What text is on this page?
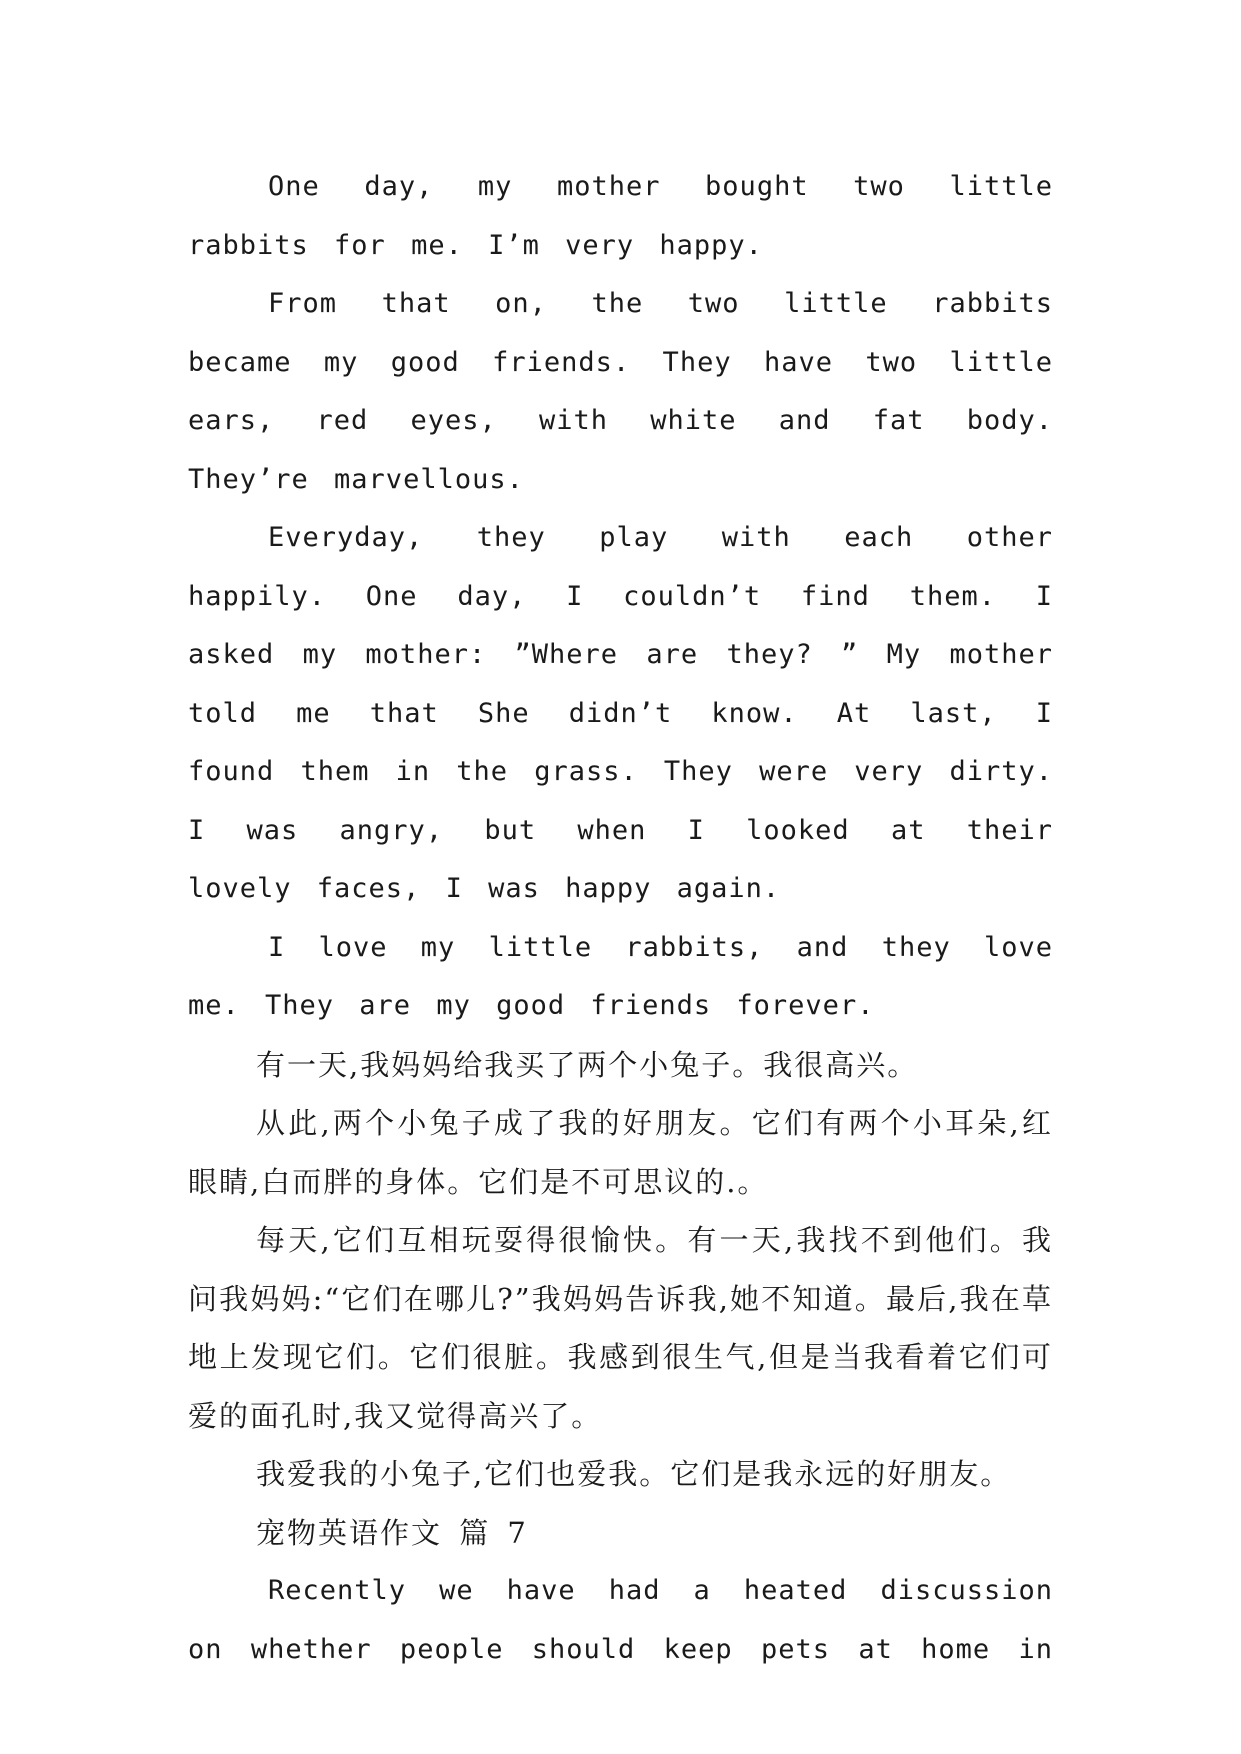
One day, my mother bought two little rabbits for me. I’m very happy.

From that on, the two little rabbits became my good friends. They have two little ears, red eyes, with white and fat body. They’re marvellous.

Everyday, they play with each other happily. One day, I couldn’t find them. I asked my mother: ”Where are they? ” My mother told me that She didn’t know. At last, I found them in the grass. They were very dirty. I was angry, but when I looked at their lovely faces, I was happy again.

I love my little rabbits, and they love me. They are my good friends forever.

有一天,我妈妈给我买了两个小兔子。我很高兴。

从此,两个小兔子成了我的好朋友。它们有两个小耳朵,红眼睛,白而胖的身体。它们是不可思议的.。

每天,它们互相玩耍得很愉快。有一天,我找不到他们。我问我妈妈:“它们在哪儿?”我妈妈告诉我,她不知道。最后,我在草地上发现它们。它们很脏。我感到很生气,但是当我看着它们可爱的面孔时,我又觉得高兴了。

我爱我的小兔子,它们也爱我。它们是我永远的好朋友。

宠物英语作文 篇 7

Recently we have had a heated discussion on whether people should keep pets at home in
